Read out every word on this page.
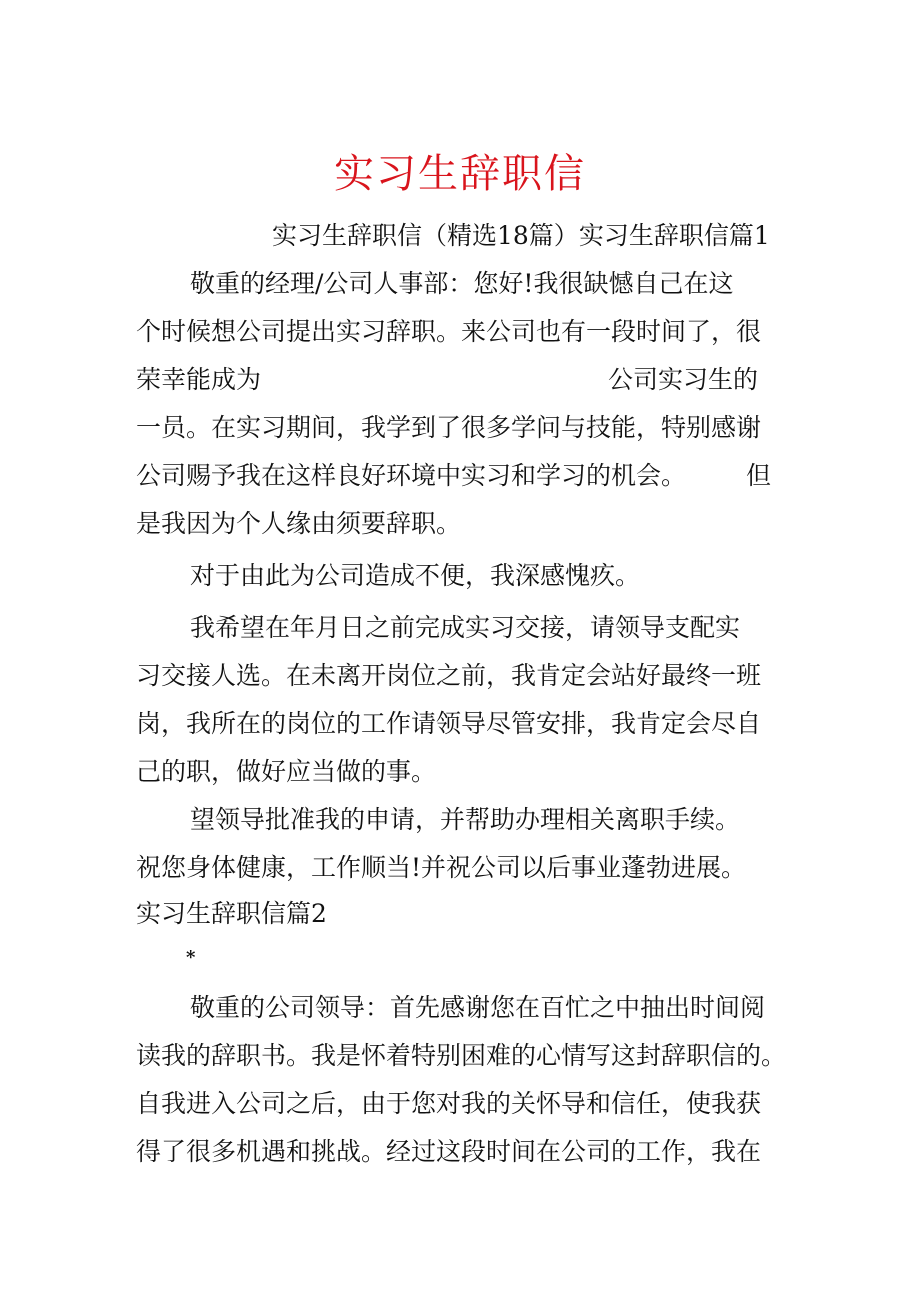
实习生辞职信
实习生辞职信（精选18篇）实习生辞职信篇1
敬重的经理/公司人事部：您好!我很缺憾自己在这
个时候想公司提出实习辞职。来公司也有一段时间了，很
荣幸能成为	公司实习生的
一员。在实习期间，我学到了很多学问与技能，特别感谢
公司赐予我在这样良好环境中实习和学习的机会。 但
是我因为个人缘由须要辞职。
对于由此为公司造成不便，我深感愧疚。
我希望在年月日之前完成实习交接，请领导支配实
习交接人选。在未离开岗位之前，我肯定会站好最终一班
岗，我所在的岗位的工作请领导尽管安排，我肯定会尽自
己的职，做好应当做的事。
望领导批准我的申请，并帮助办理相关离职手续。
祝您身体健康，工作顺当!并祝公司以后事业蓬勃进展。
实习生辞职信篇2
*
敬重的公司领导：首先感谢您在百忙之中抽出时间阅
读我的辞职书。我是怀着特别困难的心情写这封辞职信的。
自我进入公司之后，由于您对我的关怀导和信任，使我获
得了很多机遇和挑战。经过这段时间在公司的工作，我在
